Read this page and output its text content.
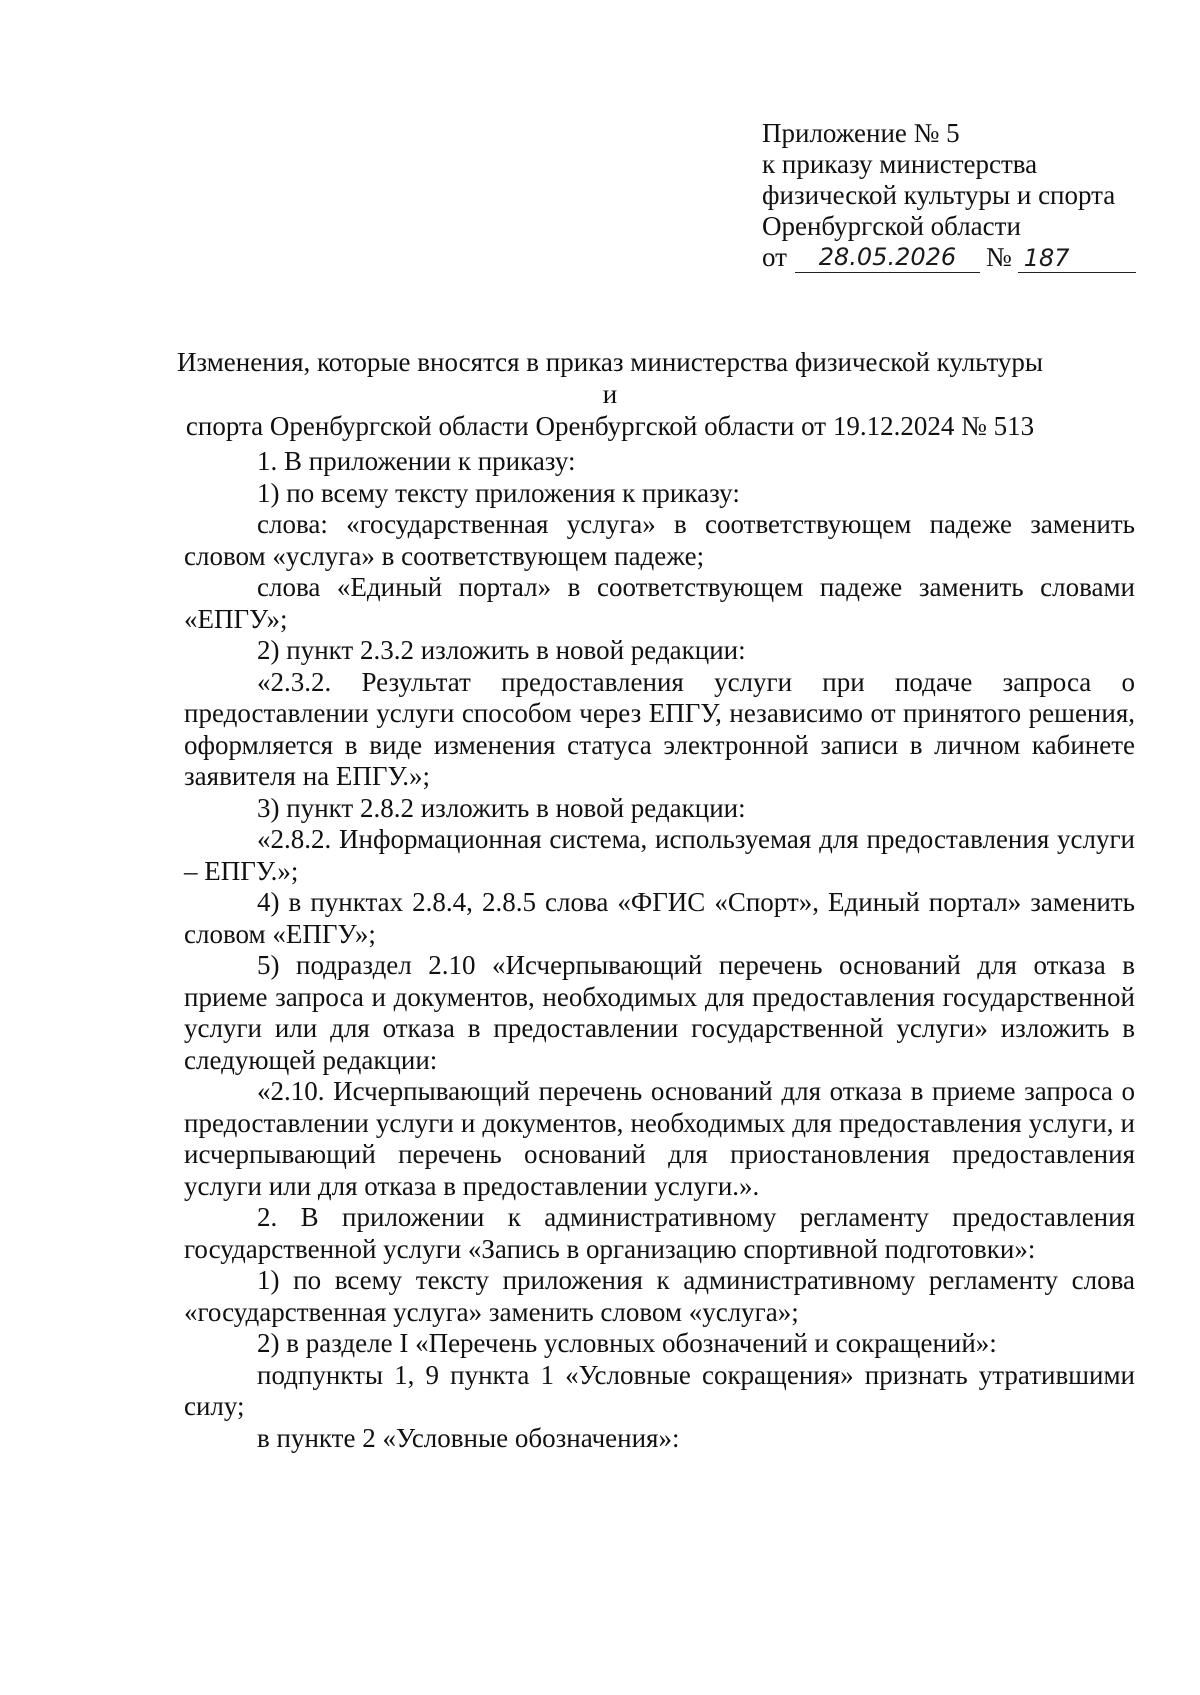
Приложение № 5
к приказу министерства
физической культуры и спорта
Оренбургской области
от	28.05.2026	№ 187
Изменения, которые вносятся в приказ министерства физической культуры и
спорта Оренбургской области Оренбургской области от 19.12.2024 № 513

1. В приложении к приказу:

1) по всему тексту приложения к приказу:

слова: «государственная услуга» в соответствующем падеже заменить словом «услуга» в соответствующем падеже;

слова «Единый портал» в соответствующем падеже заменить словами «ЕПГУ»;

2) пункт 2.3.2 изложить в новой редакции:

«2.3.2. Результат предоставления услуги при подаче запроса о предоставлении услуги способом через ЕПГУ, независимо от принятого решения, оформляется в виде изменения статуса электронной записи в личном кабинете заявителя на ЕПГУ.»;

3) пункт 2.8.2 изложить в новой редакции:

«2.8.2. Информационная система, используемая для предоставления услуги – ЕПГУ.»;

4) в пунктах 2.8.4, 2.8.5 слова «ФГИС «Спорт», Единый портал» заменить словом «ЕПГУ»;

5) подраздел 2.10 «Исчерпывающий перечень оснований для отказа в приеме запроса и документов, необходимых для предоставления государственной услуги или для отказа в предоставлении государственной услуги» изложить в следующей редакции:

«2.10. Исчерпывающий перечень оснований для отказа в приеме запроса о предоставлении услуги и документов, необходимых для предоставления услуги, и исчерпывающий перечень оснований для приостановления предоставления услуги или для отказа в предоставлении услуги.».

2. В приложении к административному регламенту предоставления государственной услуги «Запись в организацию спортивной подготовки»:

1) по всему тексту приложения к административному регламенту слова «государственная услуга» заменить словом «услуга»;

2) в разделе I «Перечень условных обозначений и сокращений»:

подпункты 1, 9 пункта 1 «Условные сокращения» признать утратившими силу;

в пункте 2 «Условные обозначения»:
